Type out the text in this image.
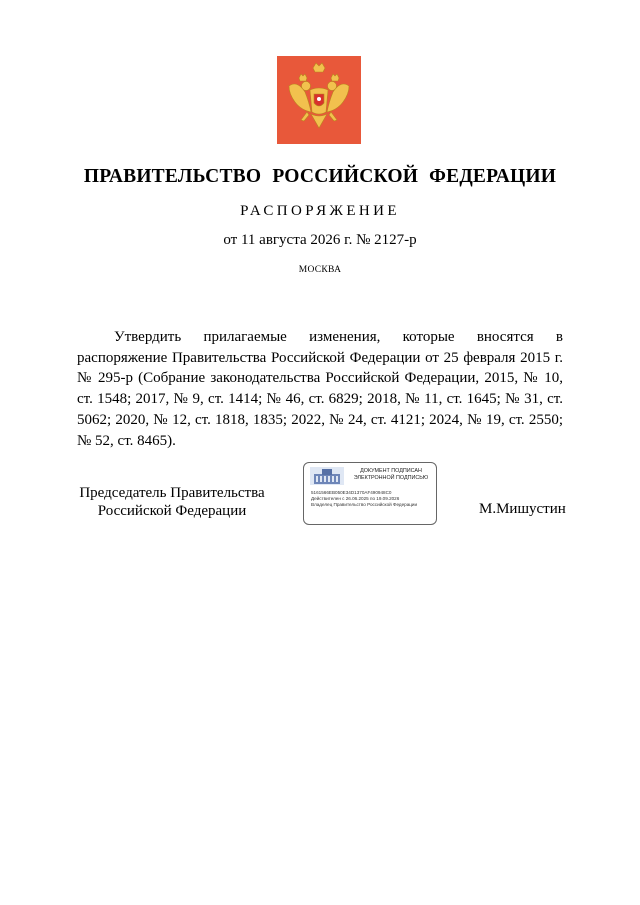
ПРАВИТЕЛЬСТВО РОССИЙСКОЙ ФЕДЕРАЦИИ
РАСПОРЯЖЕНИЕ
от 11 августа 2026 г. № 2127-р
МОСКВА
Утвердить прилагаемые изменения, которые вносятся в распоряжение Правительства Российской Федерации от 25 февраля 2015 г. № 295-р (Собрание законодательства Российской Федерации, 2015, № 10, ст. 1548; 2017, № 9, ст. 1414; № 46, ст. 6829; 2018, № 11, ст. 1645; № 31, ст. 5062; 2020, № 12, ст. 1818, 1835; 2022, № 24, ст. 4121; 2024, № 19, ст. 2550; № 52, ст. 8465).
Председатель Правительства
Российской Федерации
ДОКУМЕНТ ПОДПИСАН
ЭЛЕКТРОННОЙ ПОДПИСЬЮ
5161566EB050E34D1370AF490948C0
Действителен с 26.06.2025 по 19.09.2026
Владелец Правительство Российской Федерации	М.Мишустин
